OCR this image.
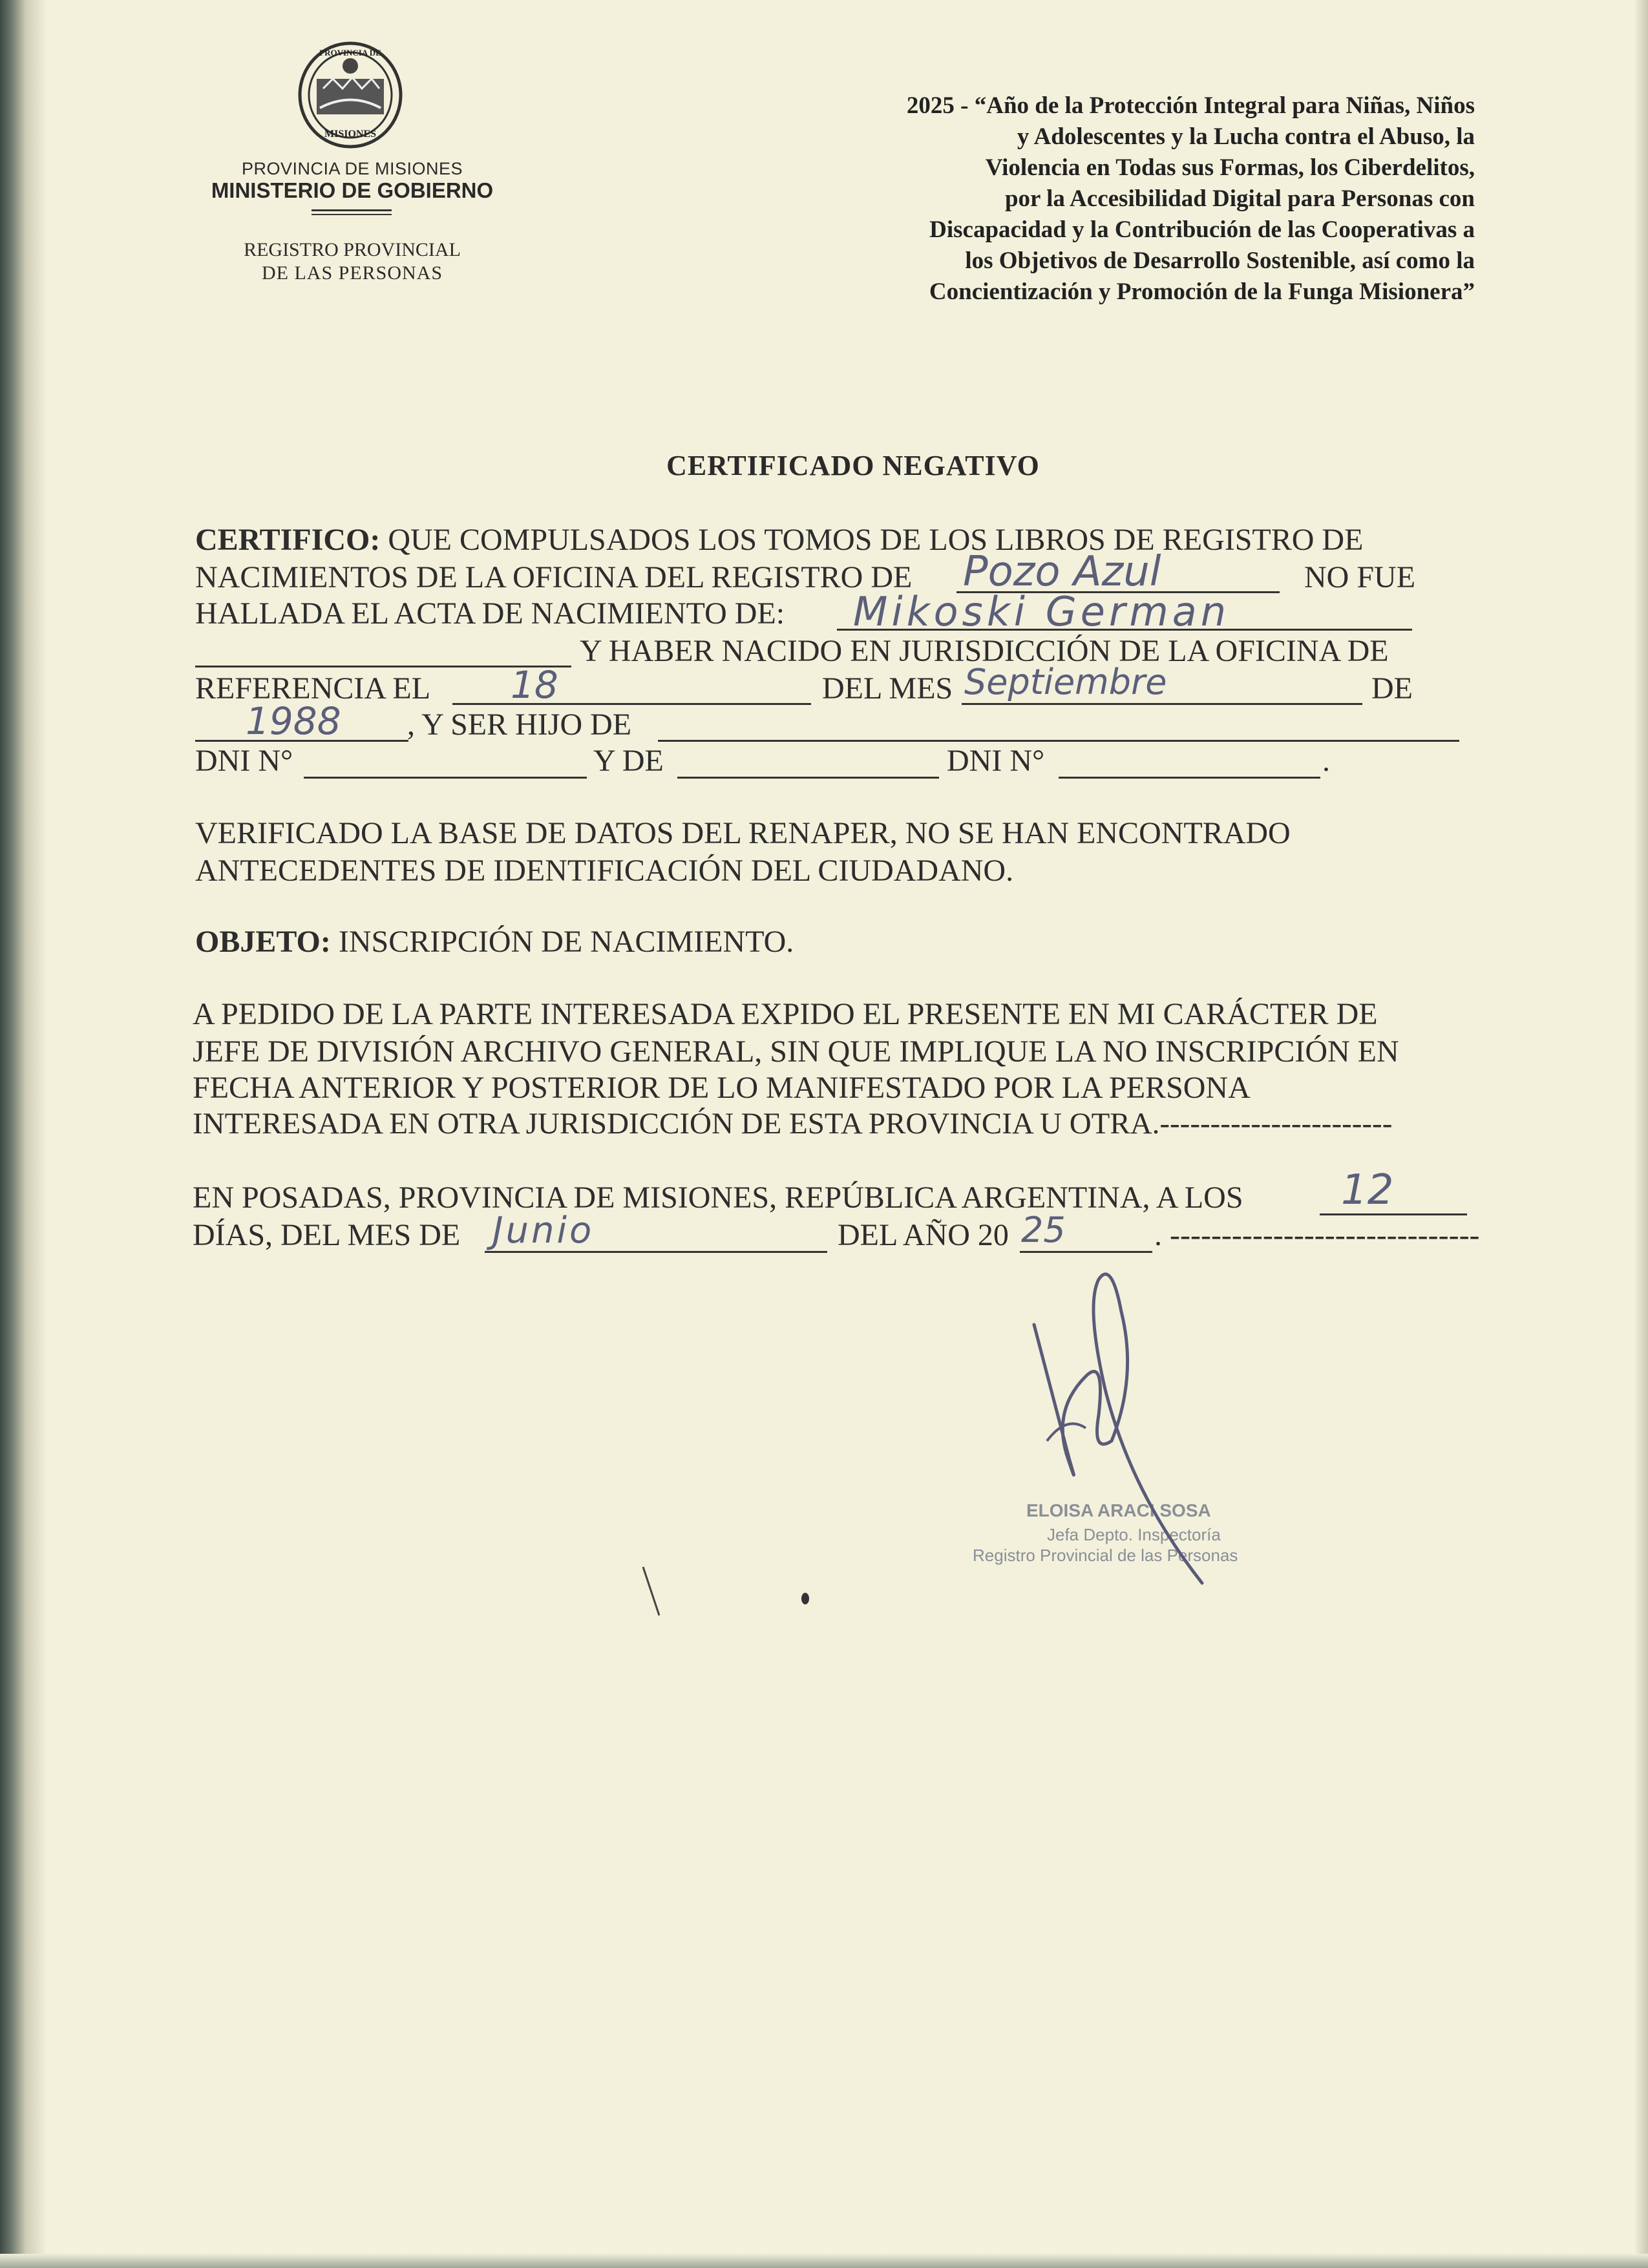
PROVINCIA DE
MISIONES
PROVINCIA DE MISIONES
MINISTERIO DE GOBIERNO
REGISTRO PROVINCIAL
DE LAS PERSONAS
2025 - “Año de la Protección Integral para Niñas, Niños
y Adolescentes y la Lucha contra el Abuso, la
Violencia en Todas sus Formas, los Ciberdelitos,
por la Accesibilidad Digital para Personas con
Discapacidad y la Contribución de las Cooperativas a
los Objetivos de Desarrollo Sostenible, así como la
Concientización y Promoción de la Funga Misionera”
CERTIFICADO NEGATIVO
CERTIFICO: QUE COMPULSADOS LOS TOMOS DE LOS LIBROS DE REGISTRO DE
NACIMIENTOS DE LA OFICINA DEL REGISTRO DE Pozo Azul	NO FUE
HALLADA EL ACTA DE NACIMIENTO DE: Mikoski German
Y HABER NACIDO EN JURISDICCIÓN DE LA OFICINA DE
REFERENCIA EL 18	DEL MES Septiembre	DE
1988 , Y SER HIJO DE
DNI N°	Y DE	DNI N°	.
VERIFICADO LA BASE DE DATOS DEL RENAPER, NO SE HAN ENCONTRADO
ANTECEDENTES DE IDENTIFICACIÓN DEL CIUDADANO.
OBJETO: INSCRIPCIÓN DE NACIMIENTO.
A PEDIDO DE LA PARTE INTERESADA EXPIDO EL PRESENTE EN MI CARÁCTER DE
JEFE DE DIVISIÓN ARCHIVO GENERAL, SIN QUE IMPLIQUE LA NO INSCRIPCIÓN EN
FECHA ANTERIOR Y POSTERIOR DE LO MANIFESTADO POR LA PERSONA
INTERESADA EN OTRA JURISDICCIÓN DE ESTA PROVINCIA U OTRA.-----------------------
EN POSADAS, PROVINCIA DE MISIONES, REPÚBLICA ARGENTINA, A LOS 12
DÍAS, DEL MES DE Junio	DEL AÑO 20 25	. ------------------------------
ELOISA ARACI SOSA
Jefa Depto. Inspectoría
Registro Provincial de las Personas
